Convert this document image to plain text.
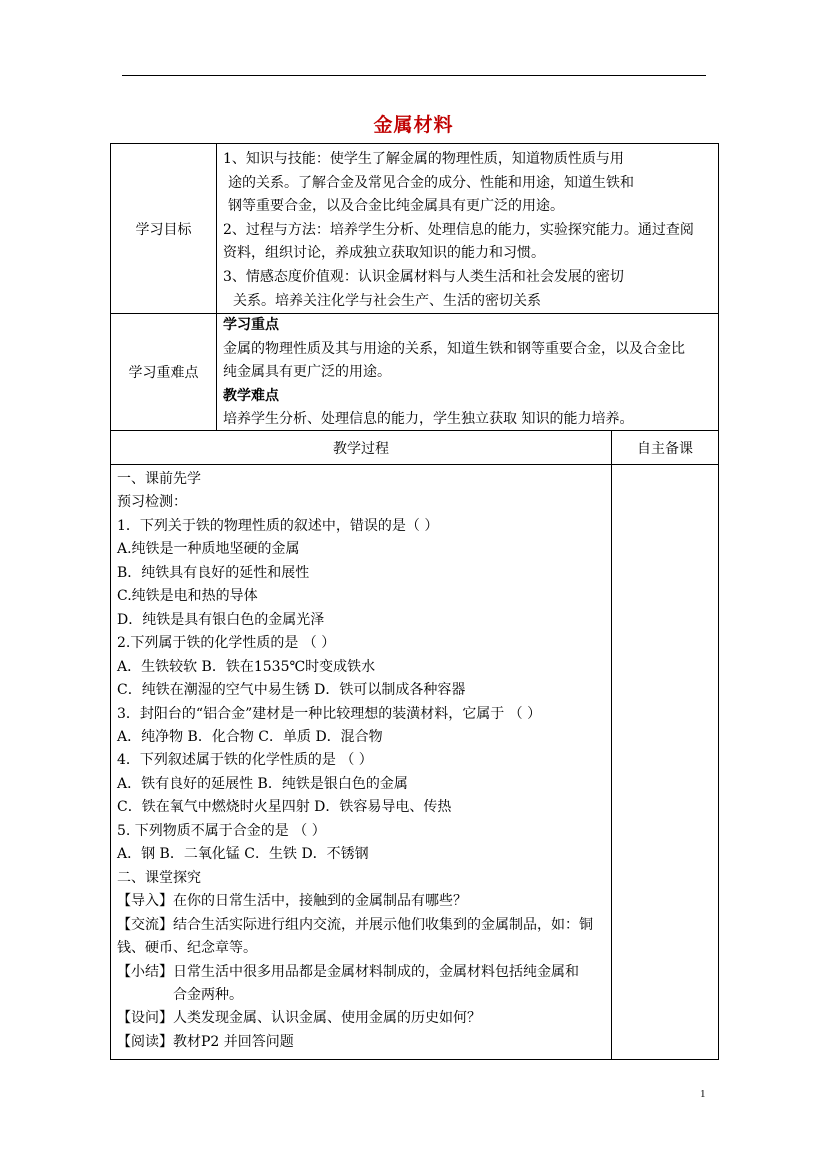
金属材料
学习目标
1、知识与技能：使学生了解金属的物理性质，知道物质性质与用
途的关系。了解合金及常见合金的成分、性能和用途，知道生铁和
钢等重要合金，以及合金比纯金属具有更广泛的用途。
2、过程与方法：培养学生分析、处理信息的能力，实验探究能力。通过查阅
资料，组织讨论，养成独立获取知识的能力和习惯。
3、情感态度价值观：认识金属材料与人类生活和社会发展的密切
关系。培养关注化学与社会生产、生活的密切关系
学习重难点
学习重点
金属的物理性质及其与用途的关系，知道生铁和钢等重要合金，以及合金比
纯金属具有更广泛的用途。
教学难点
培养学生分析、处理信息的能力，学生独立获取 知识的能力培养。
教学过程	自主备课
一、课前先学
预习检测：
1．下列关于铁的物理性质的叙述中，错误的是（ ）
A.纯铁是一种质地坚硬的金属
B．纯铁具有良好的延性和展性
C.纯铁是电和热的导体
D．纯铁是具有银白色的金属光泽
2.下列属于铁的化学性质的是 （ ）
A．生铁较软 B．铁在1535℃时变成铁水
C．纯铁在潮湿的空气中易生锈 D．铁可以制成各种容器
3．封阳台的“铝合金”建材是一种比较理想的装潢材料，它属于 （ ）
A．纯净物 B．化合物 C．单质 D．混合物
4．下列叙述属于铁的化学性质的是 （ ）
A．铁有良好的延展性 B．纯铁是银白色的金属
C．铁在氧气中燃烧时火星四射 D．铁容易导电、传热
5. 下列物质不属于合金的是 （ ）
A．钢 B．二氧化锰 C．生铁 D．不锈钢
二、课堂探究
【导入】在你的日常生活中，接触到的金属制品有哪些？
【交流】结合生活实际进行组内交流，并展示他们收集到的金属制品，如：铜
钱、硬币、纪念章等。
【小结】日常生活中很多用品都是金属材料制成的，金属材料包括纯金属和
合金两种。
【设问】人类发现金属、认识金属、使用金属的历史如何？
【阅读】教材P2 并回答问题
1
